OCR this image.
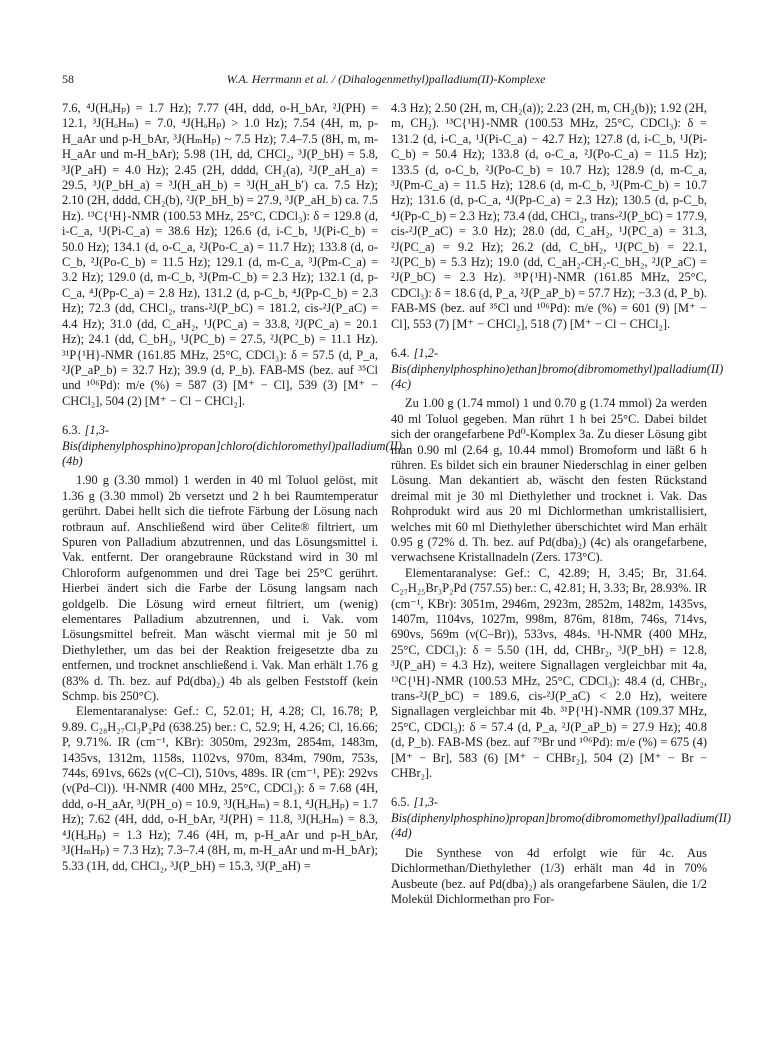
58	W.A. Herrmann et al. / (Dihalogenmethyl)palladium(II)-Komplexe

7.6, ⁴J(HₒHₚ) = 1.7 Hz); 7.77 (4H, ddd, o-H_bAr, ²J(PH) = 12.1, ³J(HₒHₘ) = 7.0, ⁴J(HₒHₚ) > 1.0 Hz); 7.54 (4H, m, p-H_aAr und p-H_bAr, ³J(HₘHₚ) ~ 7.5 Hz); 7.4–7.5 (8H, m, m-H_aAr und m-H_bAr); 5.98 (1H, dd, CHCl₂, ³J(P_bH) = 5.8, ³J(P_aH) = 4.0 Hz); 2.45 (2H, dddd, CH₂(a), ²J(P_aH_a) = 29.5, ³J(P_bH_a) = ³J(H_aH_b) = ³J(H_aH_b′) ca. 7.5 Hz); 2.10 (2H, dddd, CH₂(b), ²J(P_bH_b) = 27.9, ³J(P_aH_b) ca. 7.5 Hz). ¹³C{¹H}-NMR (100.53 MHz, 25°C, CDCl₃): δ = 129.8 (d, i-C_a, ¹J(Pi-C_a) = 38.6 Hz); 126.6 (d, i-C_b, ¹J(Pi-C_b) = 50.0 Hz); 134.1 (d, o-C_a, ²J(Po-C_a) = 11.7 Hz); 133.8 (d, o-C_b, ²J(Po-C_b) = 11.5 Hz); 129.1 (d, m-C_a, ³J(Pm-C_a) = 3.2 Hz); 129.0 (d, m-C_b, ³J(Pm-C_b) = 2.3 Hz); 132.1 (d, p-C_a, ⁴J(Pp-C_a) = 2.8 Hz), 131.2 (d, p-C_b, ⁴J(Pp-C_b) = 2.3 Hz); 72.3 (dd, CHCl₂, trans-²J(P_bC) = 181.2, cis-²J(P_aC) = 4.4 Hz); 31.0 (dd, C_aH₂, ¹J(PC_a) = 33.8, ²J(PC_a) = 20.1 Hz); 24.1 (dd, C_bH₂, ¹J(PC_b) = 27.5, ²J(PC_b) = 11.1 Hz). ³¹P{¹H}-NMR (161.85 MHz, 25°C, CDCl₃): δ = 57.5 (d, P_a, ²J(P_aP_b) = 32.7 Hz); 39.9 (d, P_b). FAB-MS (bez. auf ³⁵Cl und ¹⁰⁶Pd): m/e (%) = 587 (3) [M⁺ − Cl], 539 (3) [M⁺ − CHCl₂], 504 (2) [M⁺ − Cl − CHCl₂].

6.3. [1,3-Bis(diphenylphosphino)propan]chloro(dichloromethyl)palladium(II) (4b)

1.90 g (3.30 mmol) 1 werden in 40 ml Toluol gelöst, mit 1.36 g (3.30 mmol) 2b versetzt und 2 h bei Raumtemperatur gerührt. Dabei hellt sich die tiefrote Färbung der Lösung nach rotbraun auf. Anschließend wird über Celite® filtriert, um Spuren von Palladium abzutrennen, und das Lösungsmittel i. Vak. entfernt. Der orangebraune Rückstand wird in 30 ml Chloroform aufgenommen und drei Tage bei 25°C gerührt. Hierbei ändert sich die Farbe der Lösung langsam nach goldgelb. Die Lösung wird erneut filtriert, um (wenig) elementares Palladium abzutrennen, und i. Vak. vom Lösungsmittel befreit. Man wäscht viermal mit je 50 ml Diethylether, um das bei der Reaktion freigesetzte dba zu entfernen, und trocknet anschließend i. Vak. Man erhält 1.76 g (83% d. Th. bez. auf Pd(dba)₂) 4b als gelben Feststoff (kein Schmp. bis 250°C).

Elementaranalyse: Gef.: C, 52.01; H, 4.28; Cl, 16.78; P, 9.89. C₂₈H₂₇Cl₃P₂Pd (638.25) ber.: C, 52.9; H, 4.26; Cl, 16.66; P, 9.71%. IR (cm⁻¹, KBr): 3050m, 2923m, 2854m, 1483m, 1435vs, 1312m, 1158s, 1102vs, 970m, 834m, 790m, 753s, 744s, 691vs, 662s (ν(C–Cl), 510vs, 489s. IR (cm⁻¹, PE): 292vs (ν(Pd–Cl)). ¹H-NMR (400 MHz, 25°C, CDCl₃): δ = 7.68 (4H, ddd, o-H_aAr, ³J(PH_o) = 10.9, ³J(HₒHₘ) = 8.1, ⁴J(HₒHₚ) = 1.7 Hz); 7.62 (4H, ddd, o-H_bAr, ²J(PH) = 11.8, ³J(HₒHₘ) = 8.3, ⁴J(HₒHₚ) = 1.3 Hz); 7.46 (4H, m, p-H_aAr und p-H_bAr, ³J(HₘHₚ) = 7.3 Hz); 7.3–7.4 (8H, m, m-H_aAr und m-H_bAr); 5.33 (1H, dd, CHCl₂, ³J(P_bH) = 15.3, ³J(P_aH) =

4.3 Hz); 2.50 (2H, m, CH₂(a)); 2.23 (2H, m, CH₂(b)); 1.92 (2H, m, CH₂). ¹³C{¹H}-NMR (100.53 MHz, 25°C, CDCl₃): δ = 131.2 (d, i-C_a, ¹J(Pi-C_a) − 42.7 Hz); 127.8 (d, i-C_b, ¹J(Pi-C_b) = 50.4 Hz); 133.8 (d, o-C_a, ²J(Po-C_a) = 11.5 Hz); 133.5 (d, o-C_b, ²J(Po-C_b) = 10.7 Hz); 128.9 (d, m-C_a, ³J(Pm-C_a) = 11.5 Hz); 128.6 (d, m-C_b, ³J(Pm-C_b) = 10.7 Hz); 131.6 (d, p-C_a, ⁴J(Pp-C_a) = 2.3 Hz); 130.5 (d, p-C_b, ⁴J(Pp-C_b) = 2.3 Hz); 73.4 (dd, CHCl₂, trans-²J(P_bC) = 177.9, cis-²J(P_aC) = 3.0 Hz); 28.0 (dd, C_aH₂, ¹J(PC_a) = 31.3, ²J(PC_a) = 9.2 Hz); 26.2 (dd, C_bH₂, ¹J(PC_b) = 22.1, ²J(PC_b) = 5.3 Hz); 19.0 (dd, C_aH₂-CH₂-C_bH₂, ²J(P_aC) = ²J(P_bC) = 2.3 Hz). ³¹P{¹H}-NMR (161.85 MHz, 25°C, CDCl₃): δ = 18.6 (d, P_a, ²J(P_aP_b) = 57.7 Hz); −3.3 (d, P_b). FAB-MS (bez. auf ³⁵Cl und ¹⁰⁶Pd): m/e (%) = 601 (9) [M⁺ − Cl], 553 (7) [M⁺ − CHCl₂], 518 (7) [M⁺ − Cl − CHCl₂].

6.4. [1,2-Bis(diphenylphosphino)ethan]bromo(dibromomethyl)palladium(II) (4c)

Zu 1.00 g (1.74 mmol) 1 und 0.70 g (1.74 mmol) 2a werden 40 ml Toluol gegeben. Man rührt 1 h bei 25°C. Dabei bildet sich der orangefarbene Pd⁰-Komplex 3a. Zu dieser Lösung gibt man 0.90 ml (2.64 g, 10.44 mmol) Bromoform und läßt 6 h rühren. Es bildet sich ein brauner Niederschlag in einer gelben Lösung. Man dekantiert ab, wäscht den festen Rückstand dreimal mit je 30 ml Diethylether und trocknet i. Vak. Das Rohprodukt wird aus 20 ml Dichlormethan umkristallisiert, welches mit 60 ml Diethylether überschichtet wird Man erhält 0.95 g (72% d. Th. bez. auf Pd(dba)₂) (4c) als orangefarbene, verwachsene Kristallnadeln (Zers. 173°C).

Elementaranalyse: Gef.: C, 42.89; H, 3.45; Br, 31.64. C₂₇H₂₅Br₃P₂Pd (757.55) ber.: C, 42.81; H, 3.33; Br, 28.93%. IR (cm⁻¹, KBr): 3051m, 2946m, 2923m, 2852m, 1482m, 1435vs, 1407m, 1104vs, 1027m, 998m, 876m, 818m, 746s, 714vs, 690vs, 569m (ν(C–Br)), 533vs, 484s. ¹H-NMR (400 MHz, 25°C, CDCl₃): δ = 5.50 (1H, dd, CHBr₂, ³J(P_bH) = 12.8, ³J(P_aH) = 4.3 Hz), weitere Signallagen vergleichbar mit 4a, ¹³C{¹H}-NMR (100.53 MHz, 25°C, CDCl₃): 48.4 (d, CHBr₂, trans-²J(P_bC) = 189.6, cis-²J(P_aC) < 2.0 Hz), weitere Signallagen vergleichbar mit 4b. ³¹P{¹H}-NMR (109.37 MHz, 25°C, CDCl₃): δ = 57.4 (d, P_a, ²J(P_aP_b) = 27.9 Hz); 40.8 (d, P_b). FAB-MS (bez. auf ⁷⁹Br und ¹⁰⁶Pd): m/e (%) = 675 (4) [M⁺ − Br], 583 (6) [M⁺ − CHBr₂], 504 (2) [M⁺ − Br − CHBr₂].

6.5. [1,3-Bis(diphenylphosphino)propan]bromo(dibromomethyl)palladium(II) (4d)

Die Synthese von 4d erfolgt wie für 4c. Aus Dichlormethan/Diethylether (1/3) erhält man 4d in 70% Ausbeute (bez. auf Pd(dba)₂) als orangefarbene Säulen, die 1/2 Molekül Dichlormethan pro For-
